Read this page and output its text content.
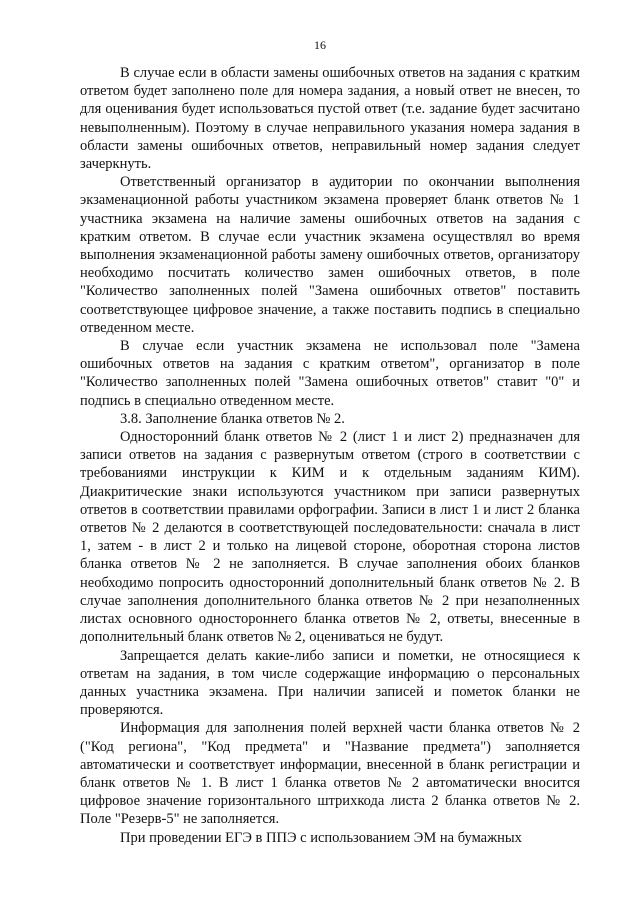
16

В случае если в области замены ошибочных ответов на задания с кратким ответом будет заполнено поле для номера задания, а новый ответ не внесен, то для оценивания будет использоваться пустой ответ (т.е. задание будет засчитано невыполненным). Поэтому в случае неправильного указания номера задания в области замены ошибочных ответов, неправильный номер задания следует зачеркнуть.

Ответственный организатор в аудитории по окончании выполнения экзаменационной работы участником экзамена проверяет бланк ответов № 1 участника экзамена на наличие замены ошибочных ответов на задания с кратким ответом. В случае если участник экзамена осуществлял во время выполнения экзаменационной работы замену ошибочных ответов, организатору необходимо посчитать количество замен ошибочных ответов, в поле "Количество заполненных полей "Замена ошибочных ответов" поставить соответствующее цифровое значение, а также поставить подпись в специально отведенном месте.

В случае если участник экзамена не использовал поле "Замена ошибочных ответов на задания с кратким ответом", организатор в поле "Количество заполненных полей "Замена ошибочных ответов" ставит "0" и подпись в специально отведенном месте.

3.8. Заполнение бланка ответов № 2.

Односторонний бланк ответов № 2 (лист 1 и лист 2) предназначен для записи ответов на задания с развернутым ответом (строго в соответствии с требованиями инструкции к КИМ и к отдельным заданиям КИМ). Диакритические знаки используются участником при записи развернутых ответов в соответствии правилами орфографии. Записи в лист 1 и лист 2 бланка ответов № 2 делаются в соответствующей последовательности: сначала в лист 1, затем - в лист 2 и только на лицевой стороне, оборотная сторона листов бланка ответов № 2 не заполняется. В случае заполнения обоих бланков необходимо попросить односторонний дополнительный бланк ответов № 2. В случае заполнения дополнительного бланка ответов № 2 при незаполненных листах основного одностороннего бланка ответов № 2, ответы, внесенные в дополнительный бланк ответов № 2, оцениваться не будут.

Запрещается делать какие-либо записи и пометки, не относящиеся к ответам на задания, в том числе содержащие информацию о персональных данных участника экзамена. При наличии записей и пометок бланки не проверяются.

Информация для заполнения полей верхней части бланка ответов № 2 ("Код региона", "Код предмета" и "Название предмета") заполняется автоматически и соответствует информации, внесенной в бланк регистрации и бланк ответов № 1. В лист 1 бланка ответов № 2 автоматически вносится цифровое значение горизонтального штрихкода листа 2 бланка ответов № 2. Поле "Резерв-5" не заполняется.

При проведении ЕГЭ в ППЭ с использованием ЭМ на бумажных
